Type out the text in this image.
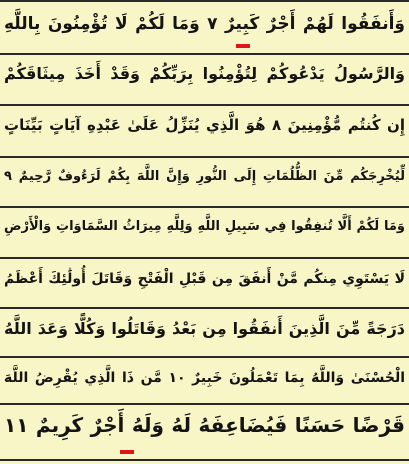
وَأَنفَقُوا لَهُمْ أَجْرٌ كَبِيرٌ ٧ وَمَا لَكُمْ لَا تُؤْمِنُونَ بِاللَّهِ
وَالرَّسُولُ يَدْعُوكُمْ لِتُؤْمِنُوا بِرَبِّكُمْ وَقَدْ أَخَذَ مِيثَاقَكُمْ
إِن كُنتُم مُّؤْمِنِينَ ٨ هُوَ الَّذِي يُنَزِّلُ عَلَىٰ عَبْدِهِ آيَاتٍ بَيِّنَاتٍ
لِّيُخْرِجَكُم مِّنَ الظُّلُمَاتِ إِلَى النُّورِ وَإِنَّ اللَّهَ بِكُمْ لَرَءُوفٌ رَّحِيمٌ ٩
وَمَا لَكُمْ أَلَّا تُنفِقُوا فِي سَبِيلِ اللَّهِ وَلِلَّهِ مِيرَاثُ السَّمَاوَاتِ وَالْأَرْضِ
لَا يَسْتَوِي مِنكُم مَّنْ أَنفَقَ مِن قَبْلِ الْفَتْحِ وَقَاتَلَ أُولَٰئِكَ أَعْظَمُ
دَرَجَةً مِّنَ الَّذِينَ أَنفَقُوا مِن بَعْدُ وَقَاتَلُوا وَكُلًّا وَعَدَ اللَّهُ
الْحُسْنَىٰ وَاللَّهُ بِمَا تَعْمَلُونَ خَبِيرٌ ١٠ مَّن ذَا الَّذِي يُقْرِضُ اللَّهَ
قَرْضًا حَسَنًا فَيُضَاعِفَهُ لَهُ وَلَهُ أَجْرٌ كَرِيمٌ ١١
